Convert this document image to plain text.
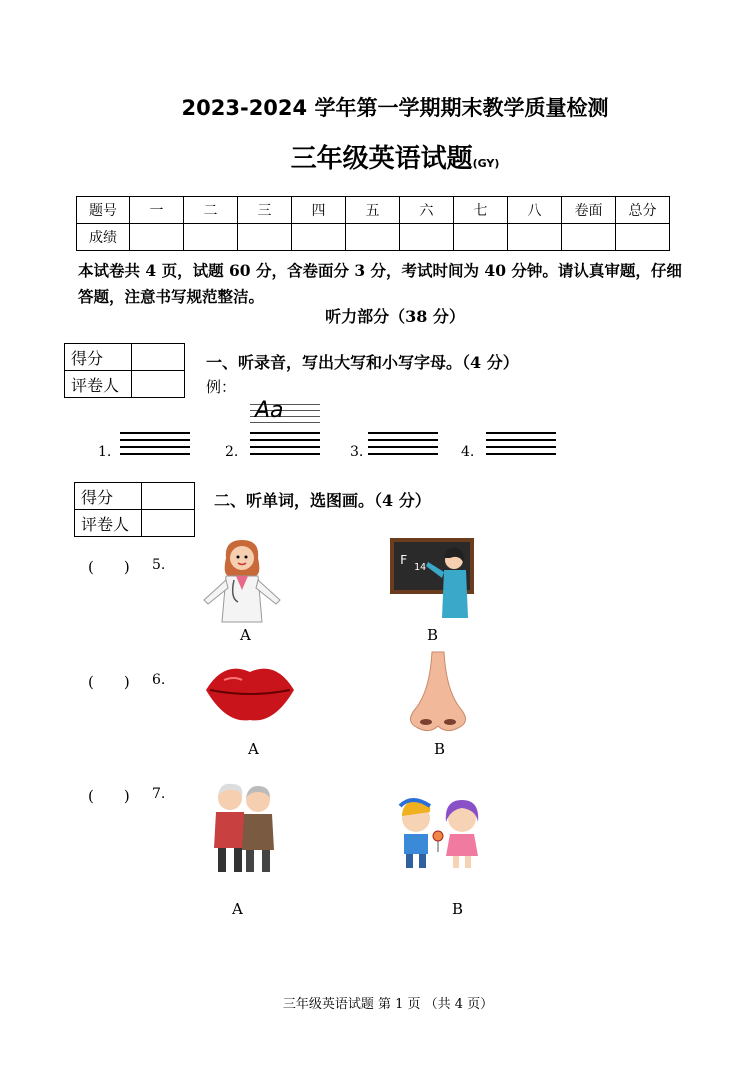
2023-2024 学年第一学期期末教学质量检测
三年级英语试题(GY)
题号	一	二	三	四	五	六	七	八	卷面	总分
成绩										
本试卷共 4 页，试题 60 分，含卷面分 3 分，考试时间为 40 分钟。请认真审题，仔细答题，注意书写规范整洁。
听力部分（38 分）
得分	
评卷人	
一、听录音，写出大写和小写字母。（4 分）
例：
Aa
1.	2.	3.	4.
得分	
评卷人	
二、听单词，选图画。（4 分）
(　　) 5.
A
F
14
B
(　　) 6.
A	B
(　　) 7.
A	B
三年级英语试题 第 1 页 （共 4 页）
